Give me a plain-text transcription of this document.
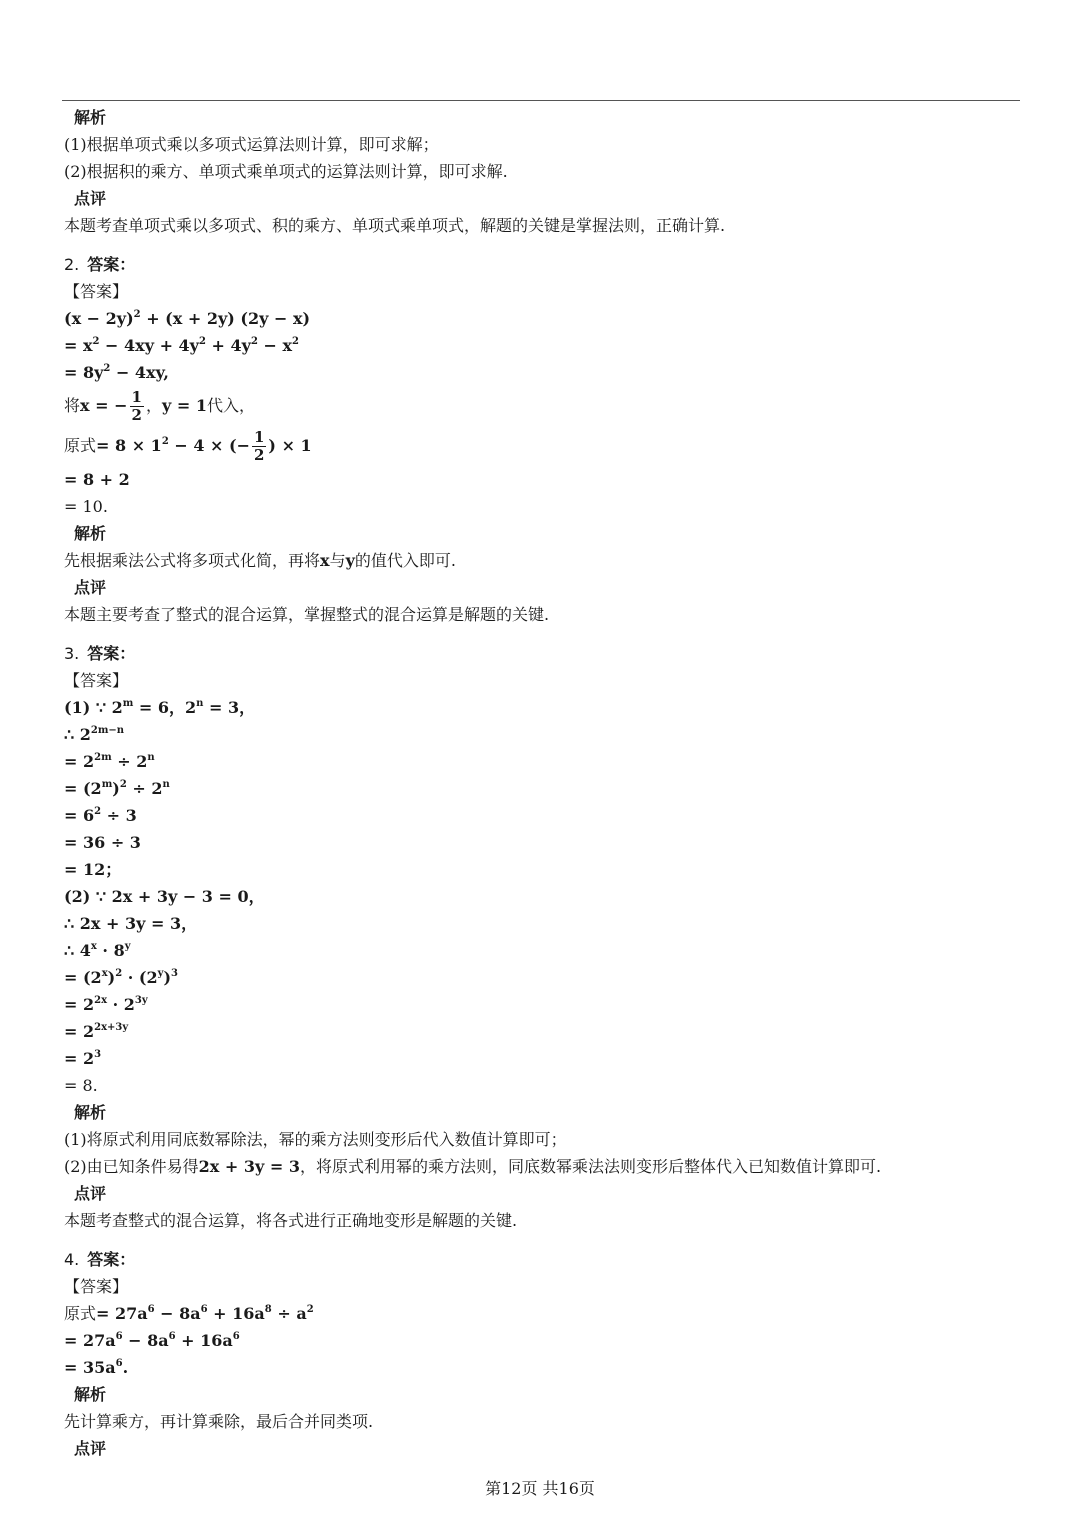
解析
(1)根据单项式乘以多项式运算法则计算，即可求解；
(2)根据积的乘方、单项式乘单项式的运算法则计算，即可求解.
点评
本题考查单项式乘以多项式、积的乘方、单项式乘单项式，解题的关键是掌握法则，正确计算.
2. 答案：
【答案】
$(x - 2y)^2 + (x + 2y)$ (2y − x)
= $x^2 - 4xy + 4y^2 + 4y^2 - x^2$
= $8y^2 - 4xy$,
将x = − $\frac{1}{2}$ ，y = 1代入，
原式= $8 \times 1^2 - 4$ × (− $\frac{1}{2}$ ) × 1
= 8 + 2
= 10.
解析
先根据乘法公式将多项式化简，再将x与y的值代入即可.
点评
本题主要考查了整式的混合运算，掌握整式的混合运算是解题的关键.
3. 答案：
【答案】
(1) ∵ $2^m = 6$，$2^n = 3$，
∴ $2^{2m-n}$
= $2^{2m} \div 2^n$
= $(2^m)^2 \div 2^n$
= $6^2 \div 3$
= 36 ÷ 3
= 12；
(2) ∵ 2x + 3y − 3 = 0，
∴ 2x + 3y = 3，
∴ $4^x \cdot 8^y$
= $(2^x)^2 \cdot (2^y)^3$
= $2^{2x} \cdot 2^{3y}$
= $2^{2x+3y}$
= $2^3$
= 8.
解析
(1)将原式利用同底数幂除法，幂的乘方法则变形后代入数值计算即可；
(2)由已知条件易得2x + 3y = 3，将原式利用幂的乘方法则，同底数幂乘法法则变形后整体代入已知数值计算即可.
点评
本题考查整式的混合运算，将各式进行正确地变形是解题的关键.
4. 答案：
【答案】
原式= $27a^6 - 8a^6 + 16a^8 \div a^2$
= $27a^6 - 8a^6 + 16a^6$
= $35a^6$.
解析
先计算乘方，再计算乘除，最后合并同类项.
点评
第12页 共16页
